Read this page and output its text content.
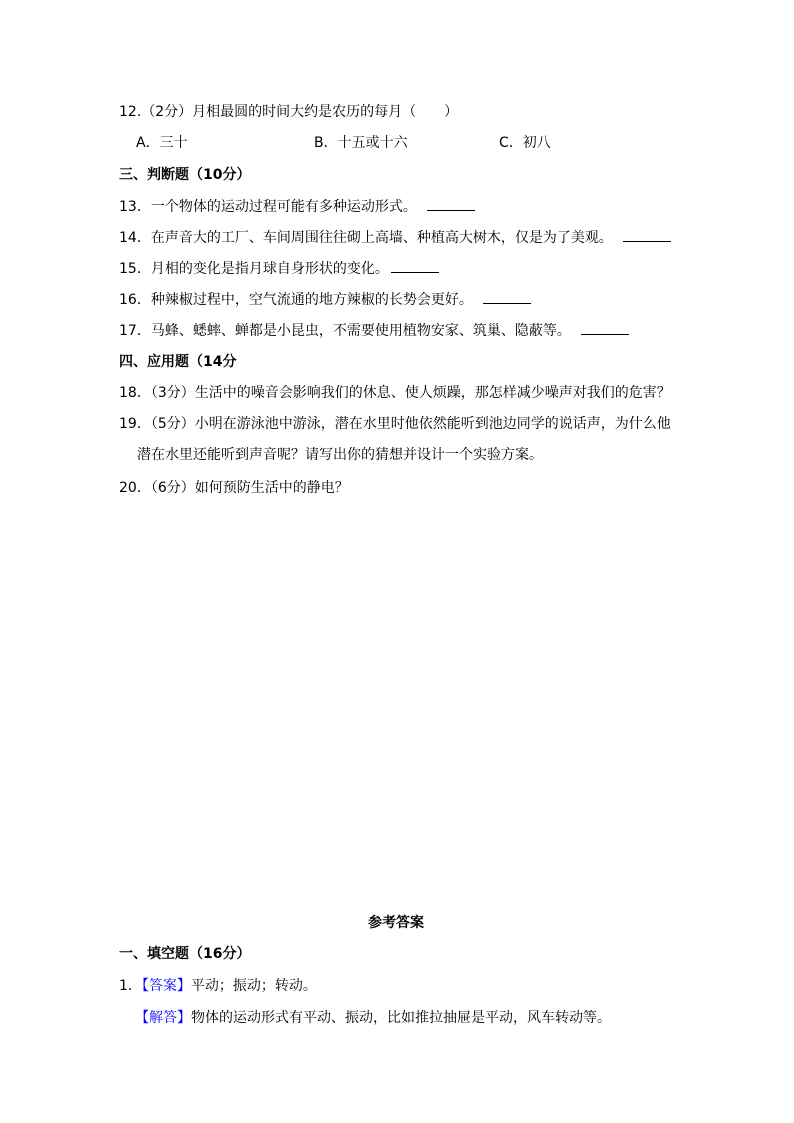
12.（2分）月相最圆的时间大约是农历的每月（　　）
A．三十	B．十五或十六	C．初八
三、判断题（10分）
13．一个物体的运动过程可能有多种运动形式。
14．在声音大的工厂、车间周围往往砌上高墙、种植高大树木，仅是为了美观。
15．月相的变化是指月球自身形状的变化。
16．种辣椒过程中，空气流通的地方辣椒的长势会更好。
17．马蜂、蟋蟀、蝉都是小昆虫，不需要使用植物安家、筑巢、隐蔽等。
四、应用题（14分
18．（3分）生活中的噪音会影响我们的休息、使人烦躁，那怎样减少噪声对我们的危害？
19．（5分）小明在游泳池中游泳，潜在水里时他依然能听到池边同学的说话声，为什么他
潜在水里还能听到声音呢？请写出你的猜想并设计一个实验方案。
20．（6分）如何预防生活中的静电？
参考答案
一、填空题（16分）
1．【答案】平动；振动；转动。
【解答】物体的运动形式有平动、振动，比如推拉抽屉是平动，风车转动等。
